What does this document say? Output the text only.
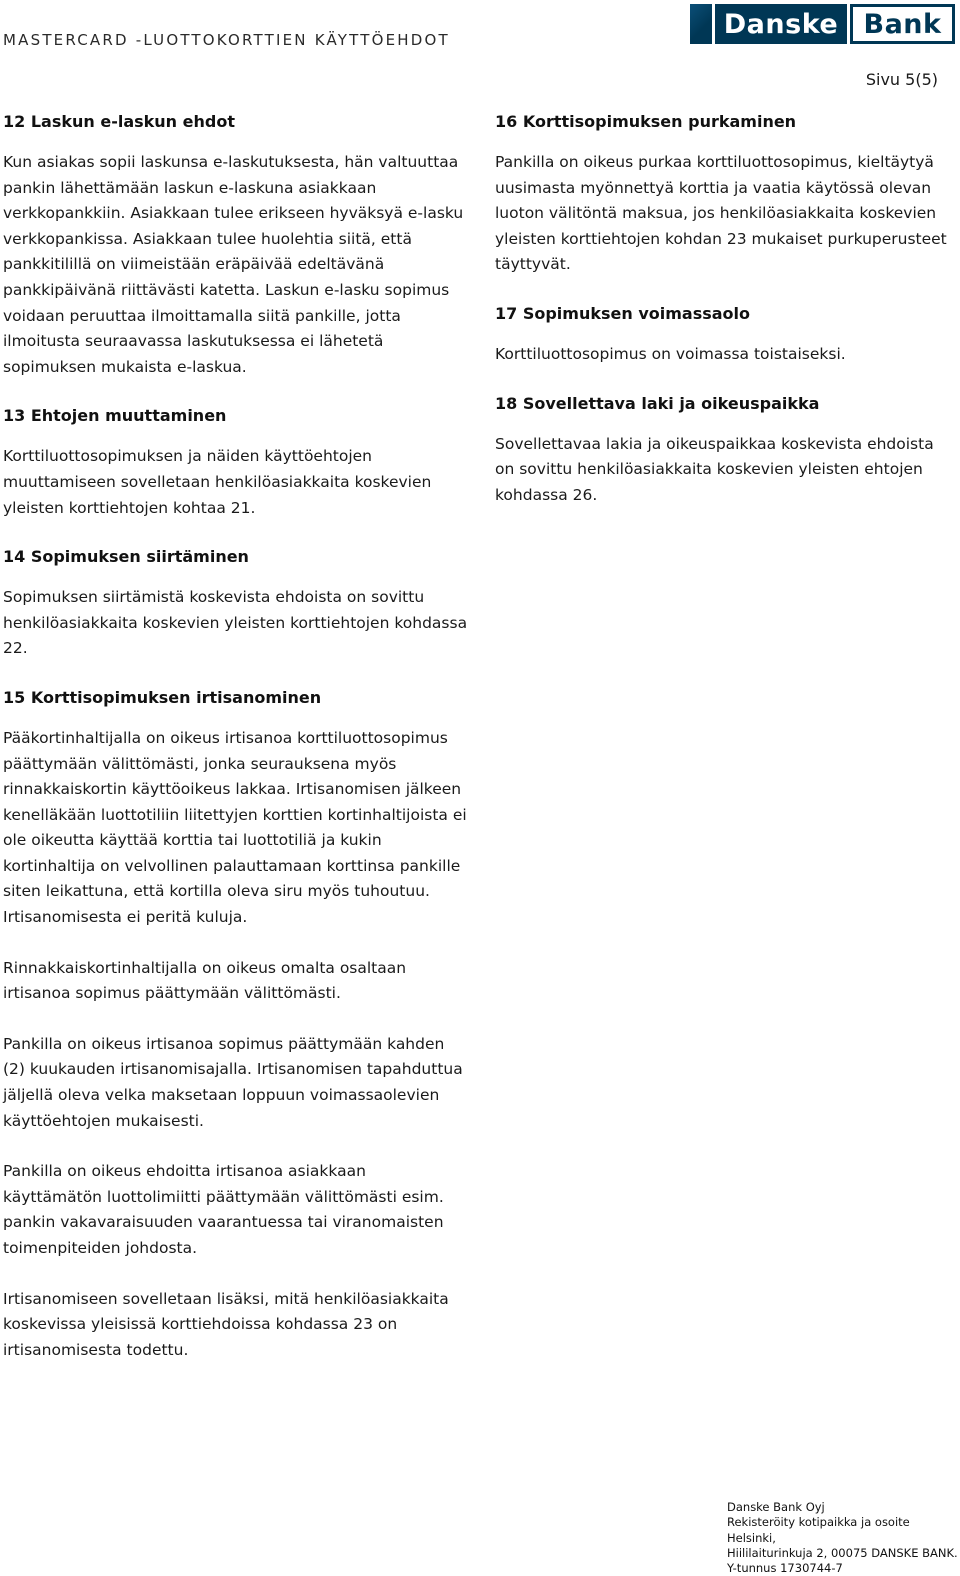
MASTERCARD -LUOTTOKORTTIEN KÄYTTÖEHDOT
Danske Bank
Sivu 5(5)
12 Laskun e-laskun ehdot

Kun asiakas sopii laskunsa e-laskutuksesta, hän valtuuttaa pankin lähettämään laskun e-laskuna asiakkaan verkkopankkiin. Asiakkaan tulee erikseen hyväksyä e-lasku verkkopankissa. Asiakkaan tulee huolehtia siitä, että pankkitilillä on viimeistään eräpäivää edeltävänä pankkipäivänä riittävästi katetta. Laskun e-lasku sopimus voidaan peruuttaa ilmoittamalla siitä pankille, jotta ilmoitusta seuraavassa laskutuksessa ei lähetetä sopimuksen mukaista e-laskua.

13 Ehtojen muuttaminen

Korttiluottosopimuksen ja näiden käyttöehtojen muuttamiseen sovelletaan henkilöasiakkaita koskevien yleisten korttiehtojen kohtaa 21.

14 Sopimuksen siirtäminen

Sopimuksen siirtämistä koskevista ehdoista on sovittu henkilöasiakkaita koskevien yleisten korttiehtojen kohdassa 22.

15 Korttisopimuksen irtisanominen

Pääkortinhaltijalla on oikeus irtisanoa korttiluottosopimus päättymään välittömästi, jonka seurauksena myös rinnakkaiskortin käyttöoikeus lakkaa. Irtisanomisen jälkeen kenelläkään luottotiliin liitettyjen korttien kortinhaltijoista ei ole oikeutta käyttää korttia tai luottotiliä ja kukin kortinhaltija on velvollinen palauttamaan korttinsa pankille siten leikattuna, että kortilla oleva siru myös tuhoutuu. Irtisanomisesta ei peritä kuluja.

Rinnakkaiskortinhaltijalla on oikeus omalta osaltaan irtisanoa sopimus päättymään välittömästi.

Pankilla on oikeus irtisanoa sopimus päättymään kahden (2) kuukauden irtisanomisajalla. Irtisanomisen tapahduttua jäljellä oleva velka maksetaan loppuun voimassaolevien käyttöehtojen mukaisesti.

Pankilla on oikeus ehdoitta irtisanoa asiakkaan käyttämätön luottolimiitti päättymään välittömästi esim. pankin vakavaraisuuden vaarantuessa tai viranomaisten toimenpiteiden johdosta.

Irtisanomiseen sovelletaan lisäksi, mitä henkilöasiakkaita koskevissa yleisissä korttiehdoissa kohdassa 23 on irtisanomisesta todettu.

16 Korttisopimuksen purkaminen

Pankilla on oikeus purkaa korttiluottosopimus, kieltäytyä uusimasta myönnettyä korttia ja vaatia käytössä olevan luoton välitöntä maksua, jos henkilöasiakkaita koskevien yleisten korttiehtojen kohdan 23 mukaiset purkuperusteet täyttyvät.

17 Sopimuksen voimassaolo

Korttiluottosopimus on voimassa toistaiseksi.

18 Sovellettava laki ja oikeuspaikka

Sovellettavaa lakia ja oikeuspaikkaa koskevista ehdoista on sovittu henkilöasiakkaita koskevien yleisten ehtojen kohdassa 26.

Danske Bank Oyj
Rekisteröity kotipaikka ja osoite Helsinki,
Hiililaiturinkuja 2, 00075 DANSKE BANK.
Y-tunnus 1730744-7
